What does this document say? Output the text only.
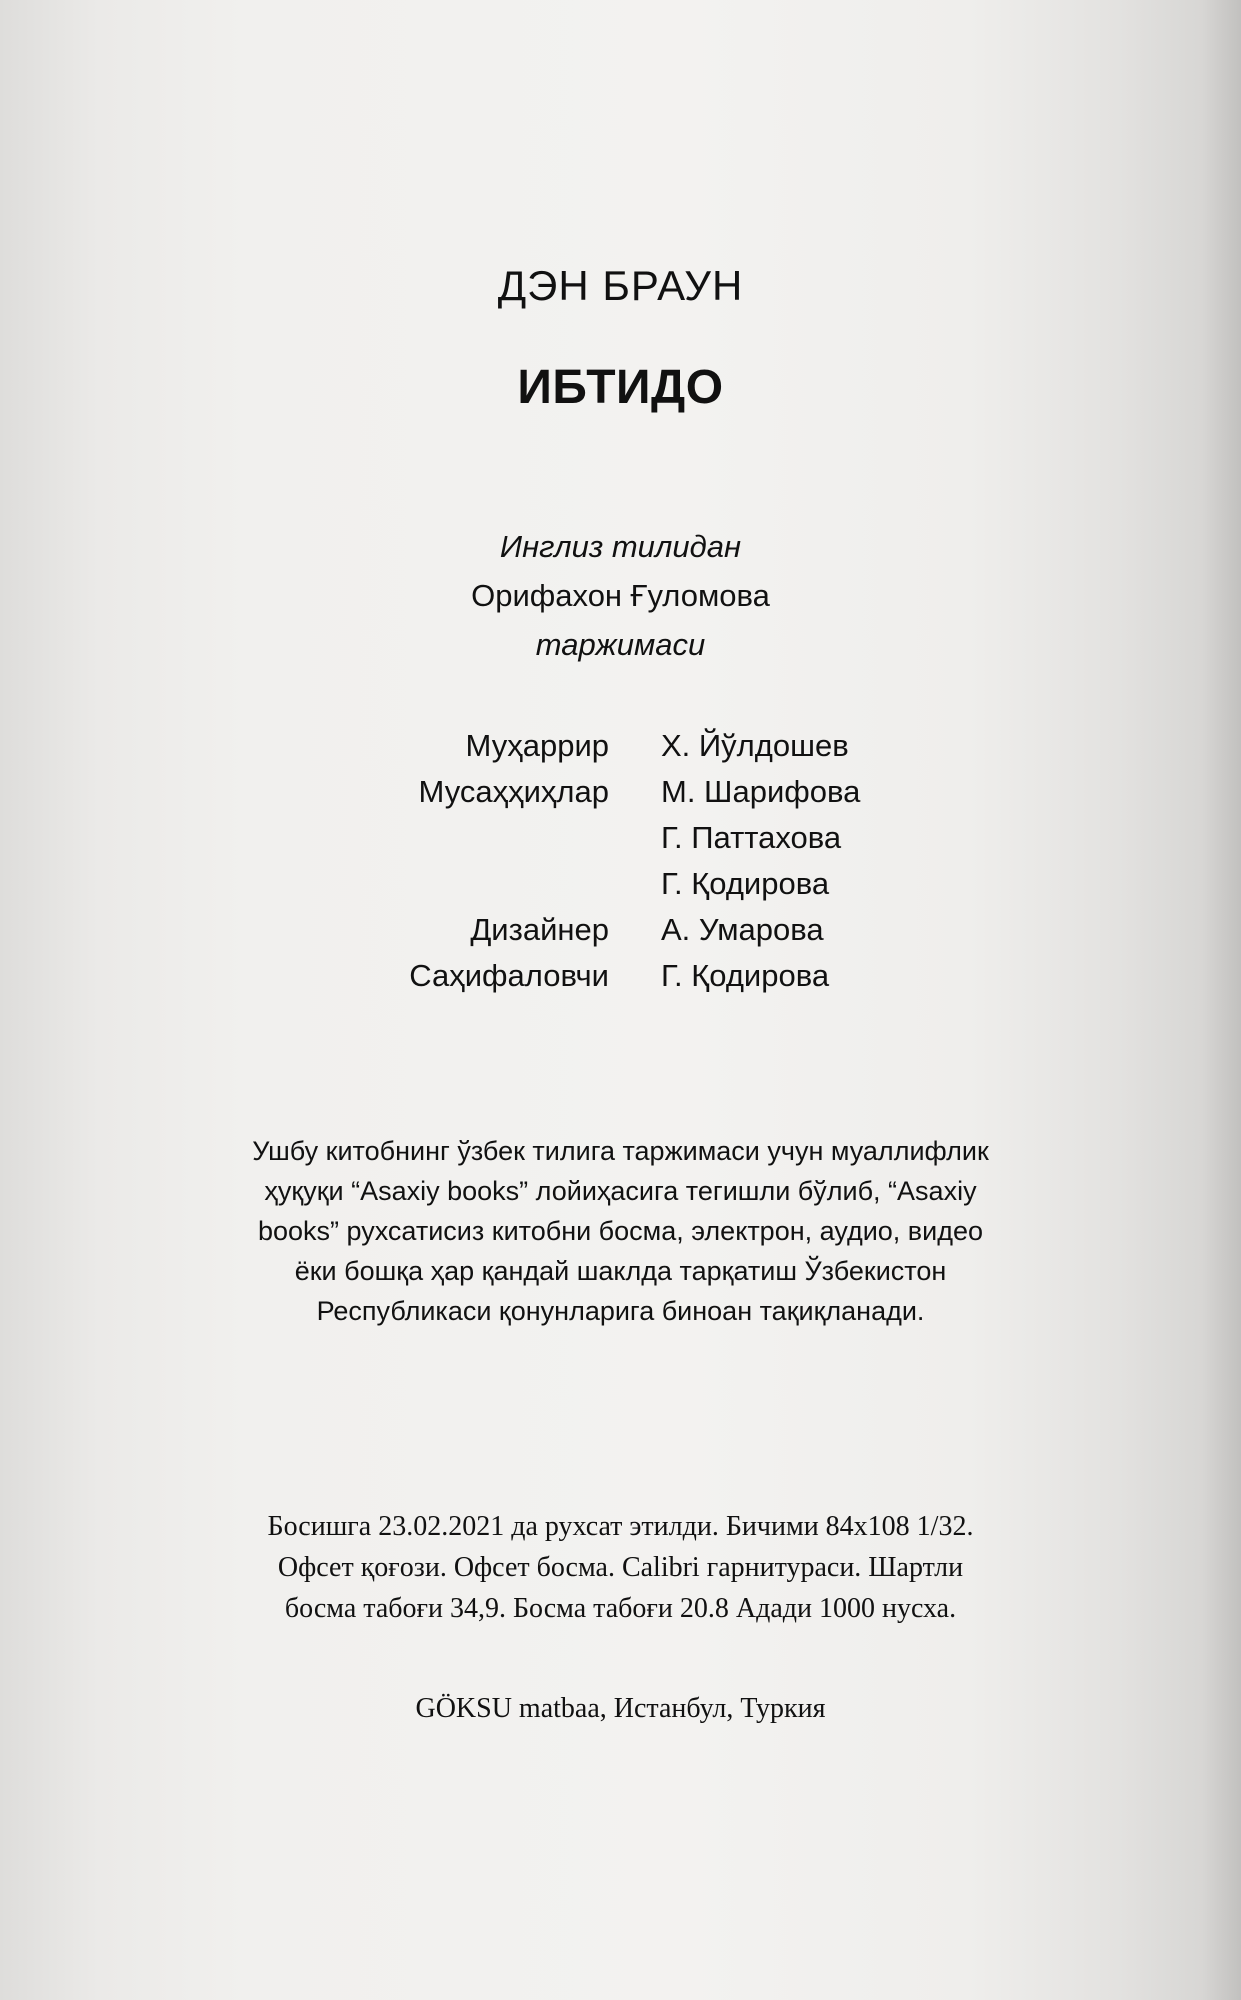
ДЭН БРАУН
ИБТИДО
Инглиз тилидан
Орифахон Ғуломова
таржимаси
Муҳаррир Х. Йўлдошев
Мусаҳҳиҳлар М. Шарифова
Г. Паттахова
Г. Қодирова
Дизайнер А. Умарова
Саҳифаловчи Г. Қодирова
Ушбу китобнинг ўзбек тилига таржимаси учун муаллифлик
ҳуқуқи “Asaxiy books” лойиҳасига тегишли бўлиб, “Asaxiy
books” рухсатисиз китобни босма, электрон, аудио, видео
ёки бошқа ҳар қандай шаклда тарқатиш Ўзбекистон
Республикаси қонунларига биноан тақиқланади.
Босишга 23.02.2021 да рухсат этилди. Бичими 84x108 1/32.
Офсет қоғози. Офсет босма. Calibri гарнитураси. Шартли
босма табоғи 34,9. Босма табоғи 20.8 Адади 1000 нусха.
GÖKSU matbaa, Истанбул, Туркия
